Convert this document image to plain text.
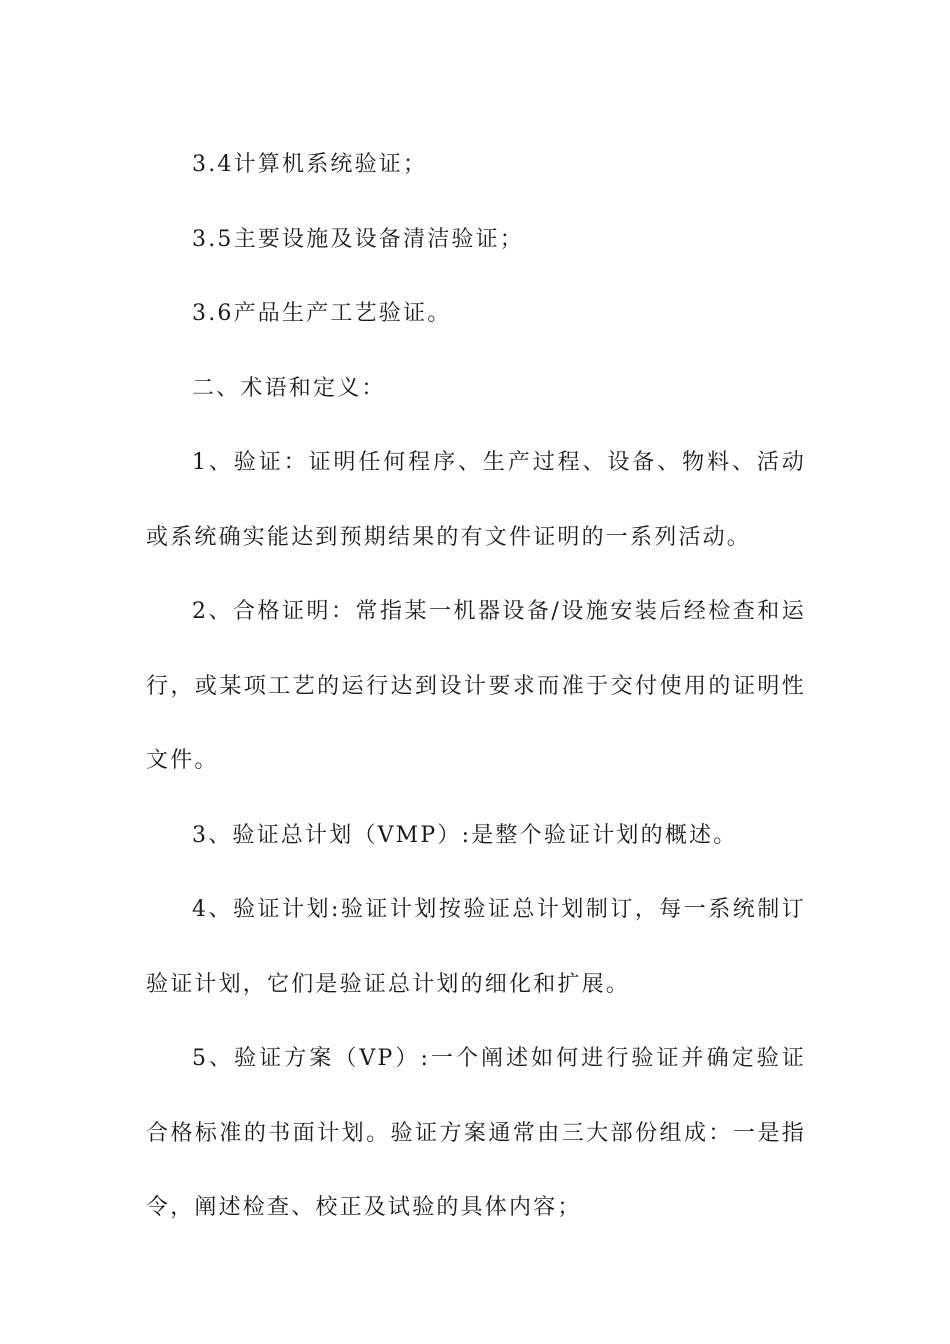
3.4计算机系统验证；

3.5主要设施及设备清洁验证；

3.6产品生产工艺验证。

二、术语和定义：

1、验证：证明任何程序、生产过程、设备、物料、活动或系统确实能达到预期结果的有文件证明的一系列活动。

2、合格证明：常指某一机器设备/设施安装后经检查和运行，或某项工艺的运行达到设计要求而准于交付使用的证明性文件。

3、验证总计划（VMP）:是整个验证计划的概述。

4、验证计划:验证计划按验证总计划制订，每一系统制订验证计划，它们是验证总计划的细化和扩展。

5、验证方案（VP）:一个阐述如何进行验证并确定验证合格标准的书面计划。验证方案通常由三大部份组成：一是指令，阐述检查、校正及试验的具体内容；
